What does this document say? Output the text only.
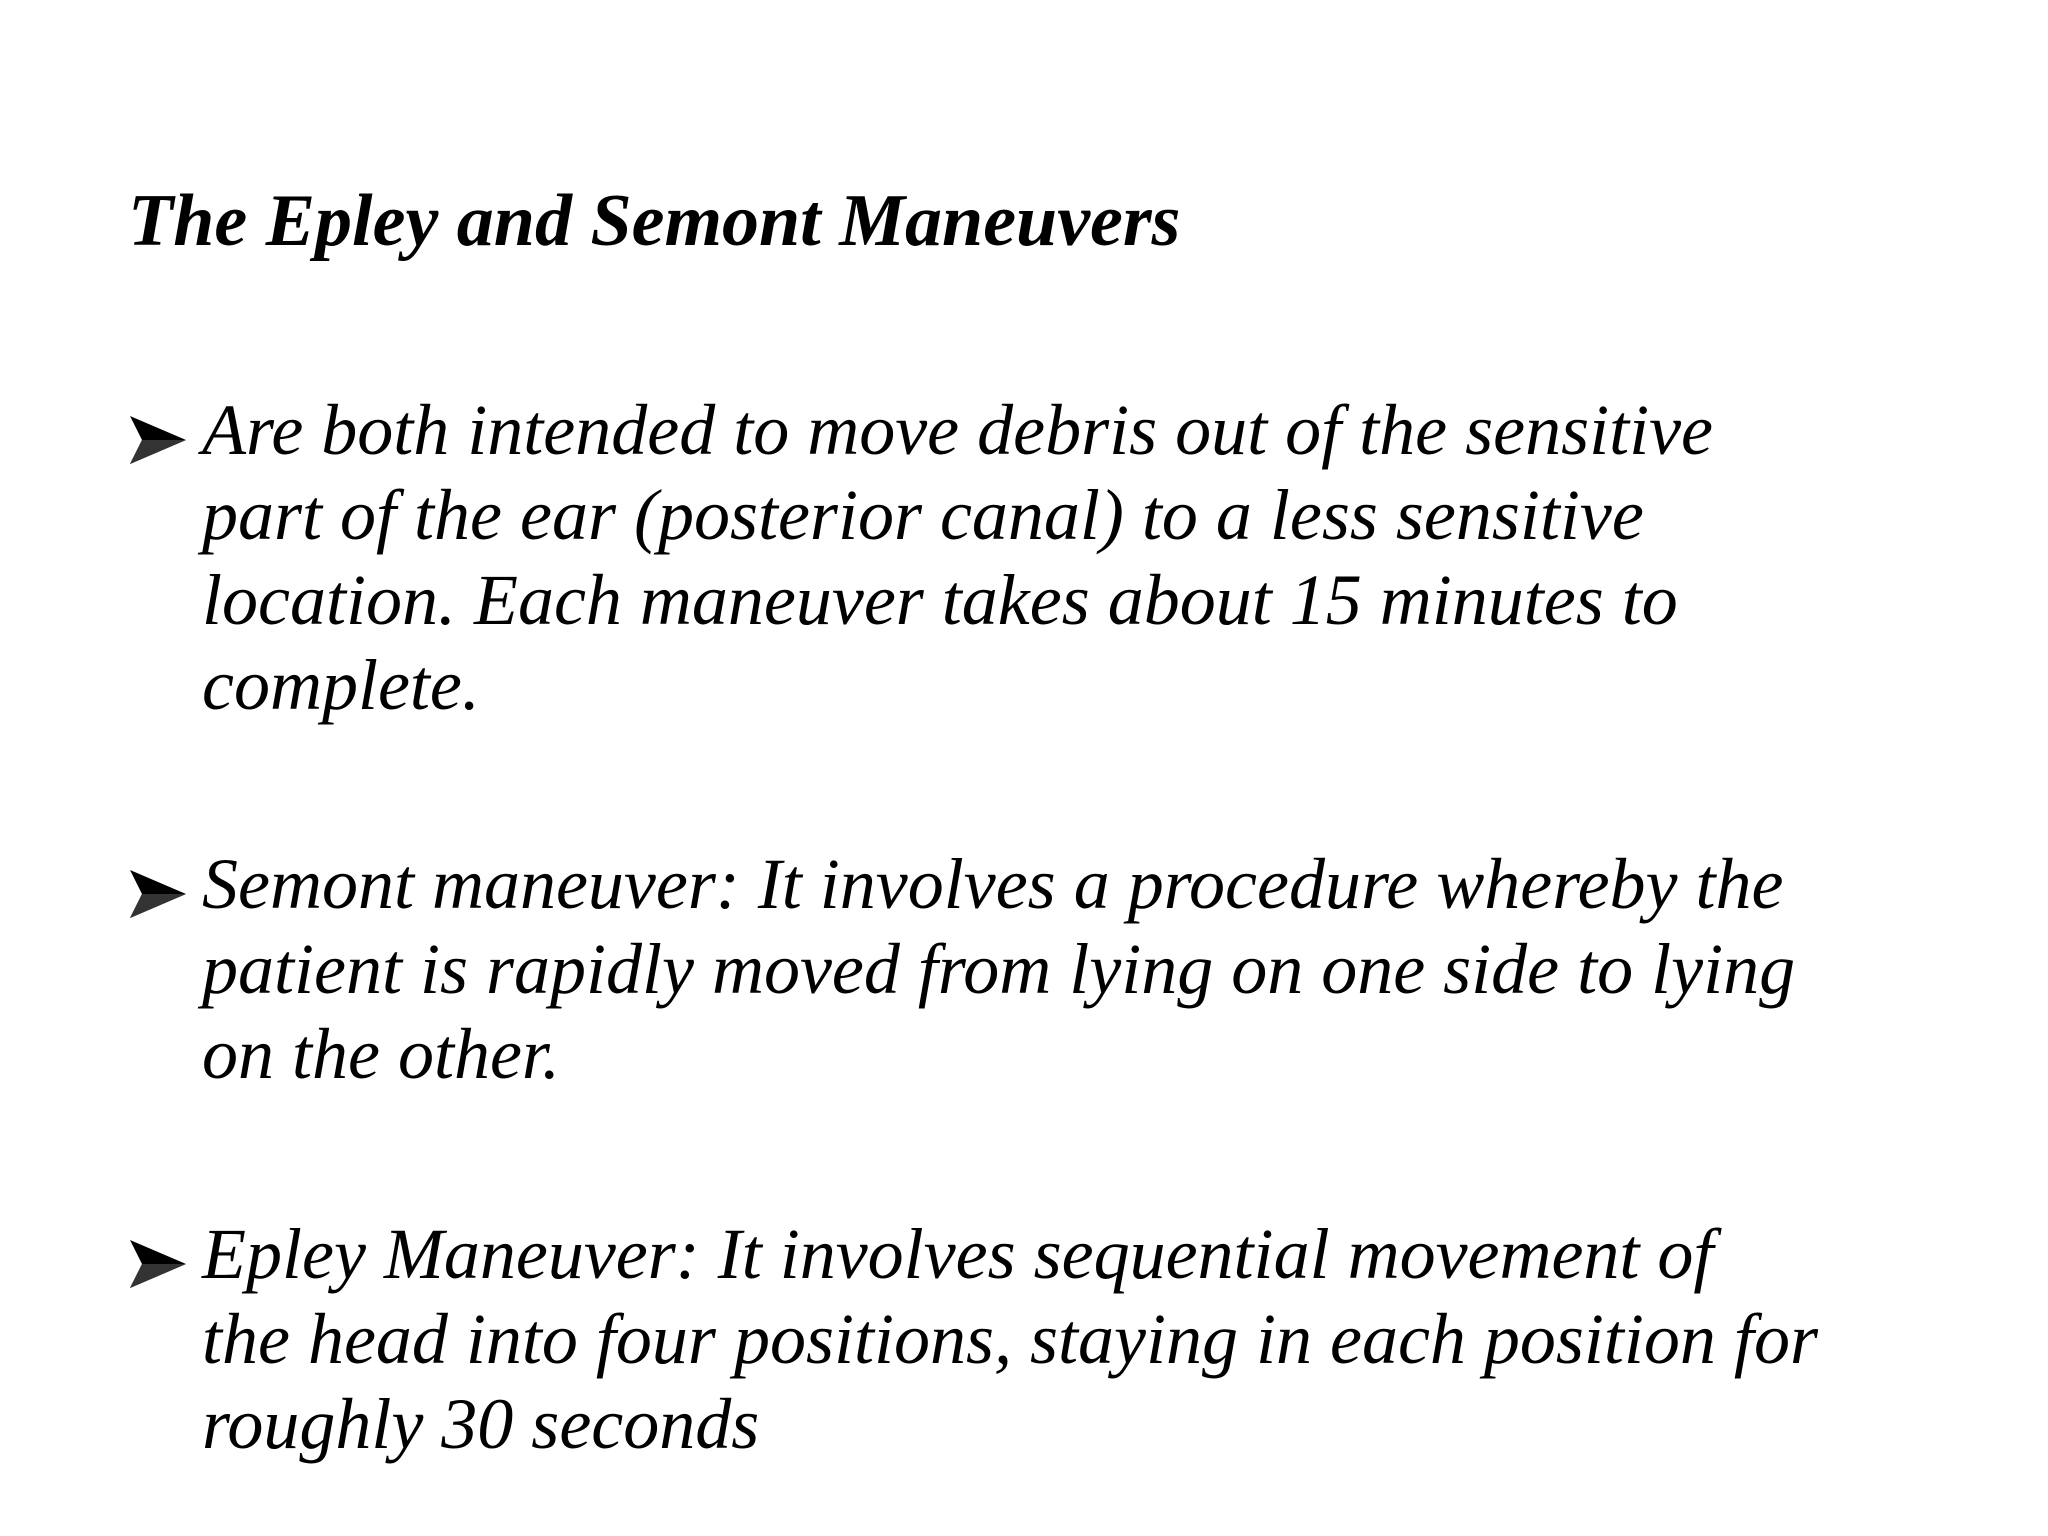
The Epley and Semont Maneuvers
Are both intended to move debris out of the sensitive
part of the ear (posterior canal) to a less sensitive
location. Each maneuver takes about 15 minutes to
complete.
Semont maneuver: It involves a procedure whereby the
patient is rapidly moved from lying on one side to lying
on the other.
Epley Maneuver: It involves sequential movement of
the head into four positions, staying in each position for
roughly 30 seconds
